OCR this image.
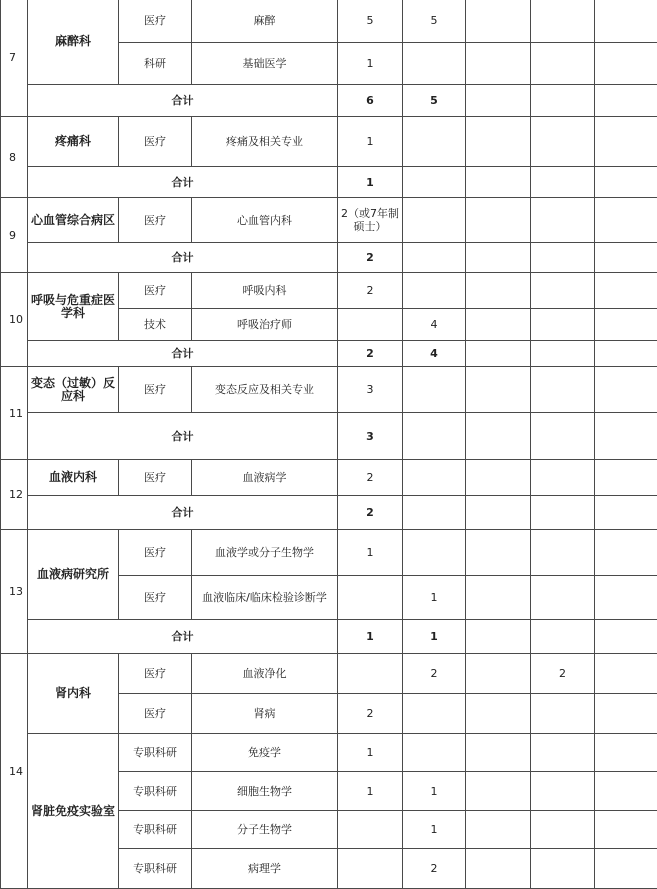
7	麻醉科	医疗	麻醉	5	5			
		科研	基础医学	1				
	合计			6	5			
8	疼痛科	医疗	疼痛及相关专业	1				
	合计			1				
9	心血管综合病区	医疗	心血管内科	2（或7年制硕士）				
	合计			2				
10	呼吸与危重症医学科	医疗	呼吸内科	2				
		技术	呼吸治疗师		4			
	合计			2	4			
11	变态（过敏）反应科	医疗	变态反应及相关专业	3				
	合计			3				
12	血液内科	医疗	血液病学	2				
	合计			2				
13	血液病研究所	医疗	血液学或分子生物学	1				
		医疗	血液临床/临床检验诊断学		1			
	合计			1	1			
14	肾内科	医疗	血液净化		2		2	
		医疗	肾病	2				
	肾脏免疫实验室	专职科研	免疫学	1				
		专职科研	细胞生物学	1	1			
		专职科研	分子生物学		1			
		专职科研	病理学		2			
